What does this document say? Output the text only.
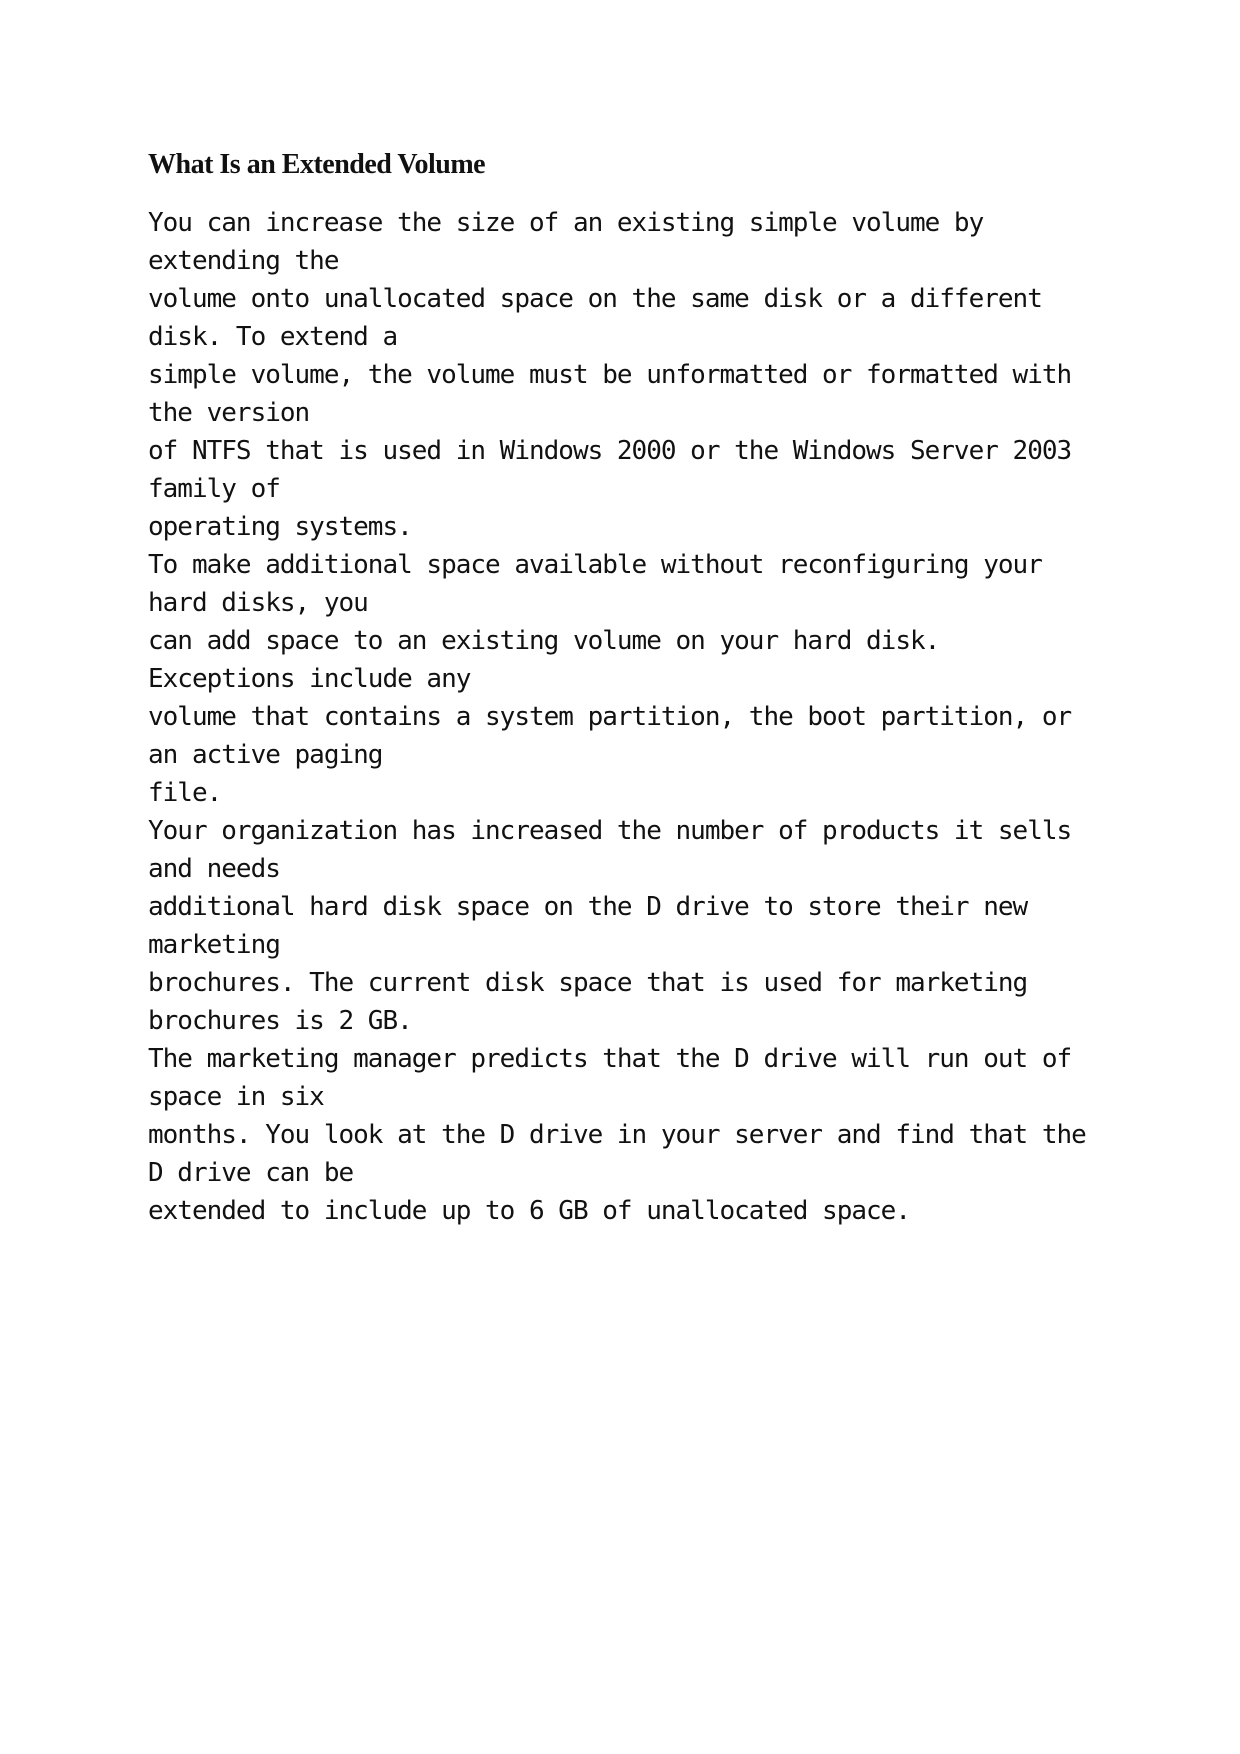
What Is an Extended Volume
You can increase the size of an existing simple volume by
extending the
volume onto unallocated space on the same disk or a different
disk. To extend a
simple volume, the volume must be unformatted or formatted with
the version
of NTFS that is used in Windows 2000 or the Windows Server 2003
family of
operating systems.
To make additional space available without reconfiguring your
hard disks, you
can add space to an existing volume on your hard disk.
Exceptions include any
volume that contains a system partition, the boot partition, or
an active paging
file.
Your organization has increased the number of products it sells
and needs
additional hard disk space on the D drive to store their new
marketing
brochures. The current disk space that is used for marketing
brochures is 2 GB.
The marketing manager predicts that the D drive will run out of
space in six
months. You look at the D drive in your server and find that the
D drive can be
extended to include up to 6 GB of unallocated space.
